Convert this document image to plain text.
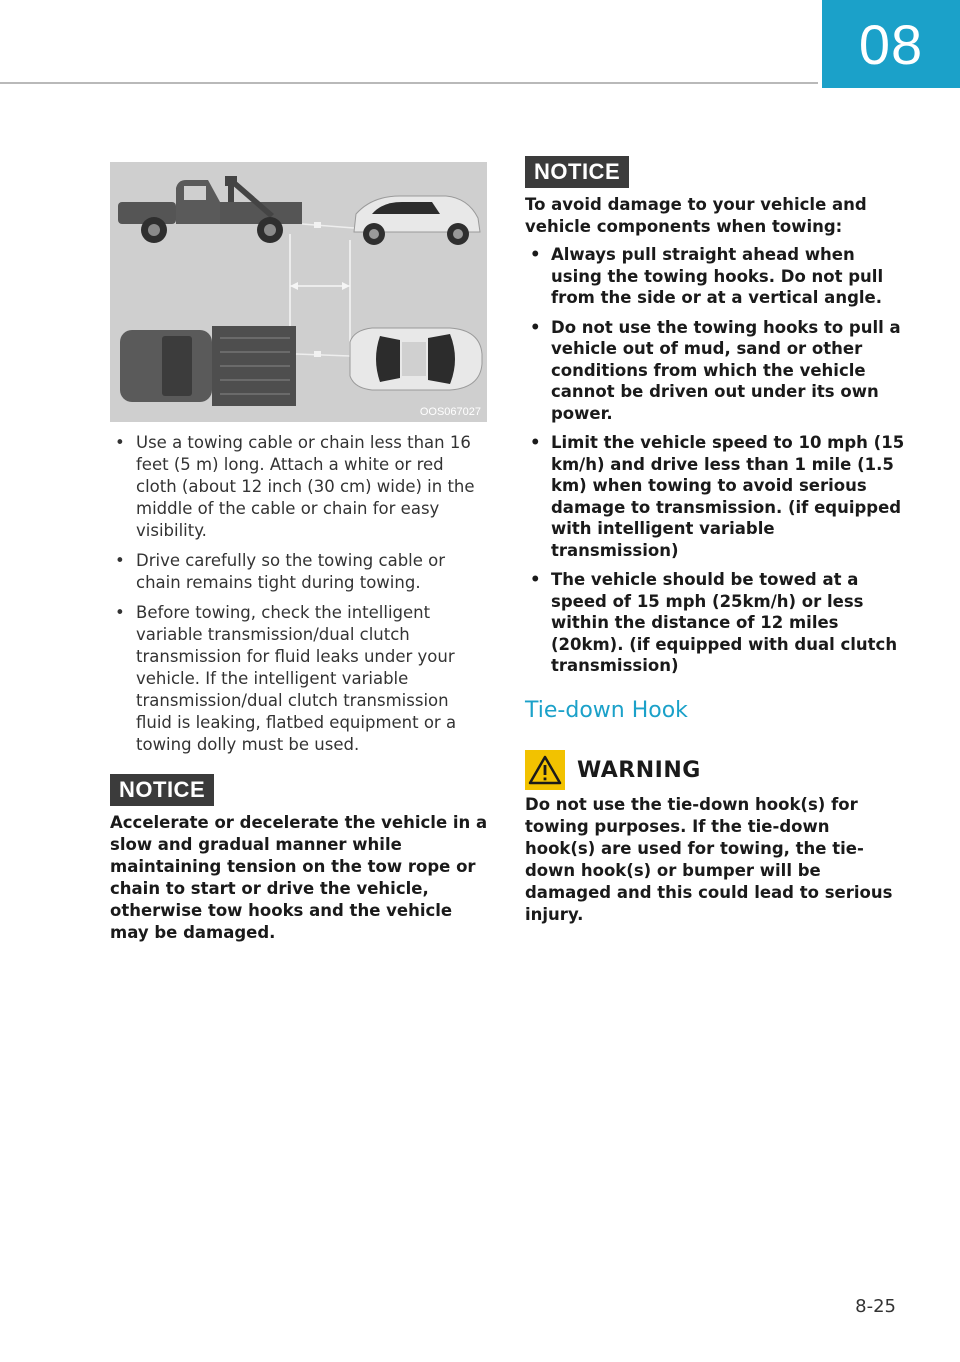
08
OOS067027
• Use a towing cable or chain less than 16 feet (5 m) long. Attach a white or red cloth (about 12 inch (30 cm) wide) in the middle of the cable or chain for easy visibility.
• Drive carefully so the towing cable or chain remains tight during towing.
• Before towing, check the intelligent variable transmission/dual clutch transmission for fluid leaks under your vehicle. If the intelligent variable transmission/dual clutch transmission fluid is leaking, flatbed equipment or a towing dolly must be used.
NOTICE

Accelerate or decelerate the vehicle in a slow and gradual manner while maintaining tension on the tow rope or chain to start or drive the vehicle, otherwise tow hooks and the vehicle may be damaged.

NOTICE

To avoid damage to your vehicle and vehicle components when towing:

• Always pull straight ahead when using the towing hooks. Do not pull from the side or at a vertical angle.
• Do not use the towing hooks to pull a vehicle out of mud, sand or other conditions from which the vehicle cannot be driven out under its own power.
• Limit the vehicle speed to 10 mph (15 km/h) and drive less than 1 mile (1.5 km) when towing to avoid serious damage to transmission. (if equipped with intelligent variable transmission)
• The vehicle should be towed at a speed of 15 mph (25km/h) or less within the distance of 12 miles (20km). (if equipped with dual clutch transmission)
Tie-down Hook
WARNING

Do not use the tie-down hook(s) for towing purposes. If the tie-down hook(s) are used for towing, the tie-down hook(s) or bumper will be damaged and this could lead to serious injury.

8-25
